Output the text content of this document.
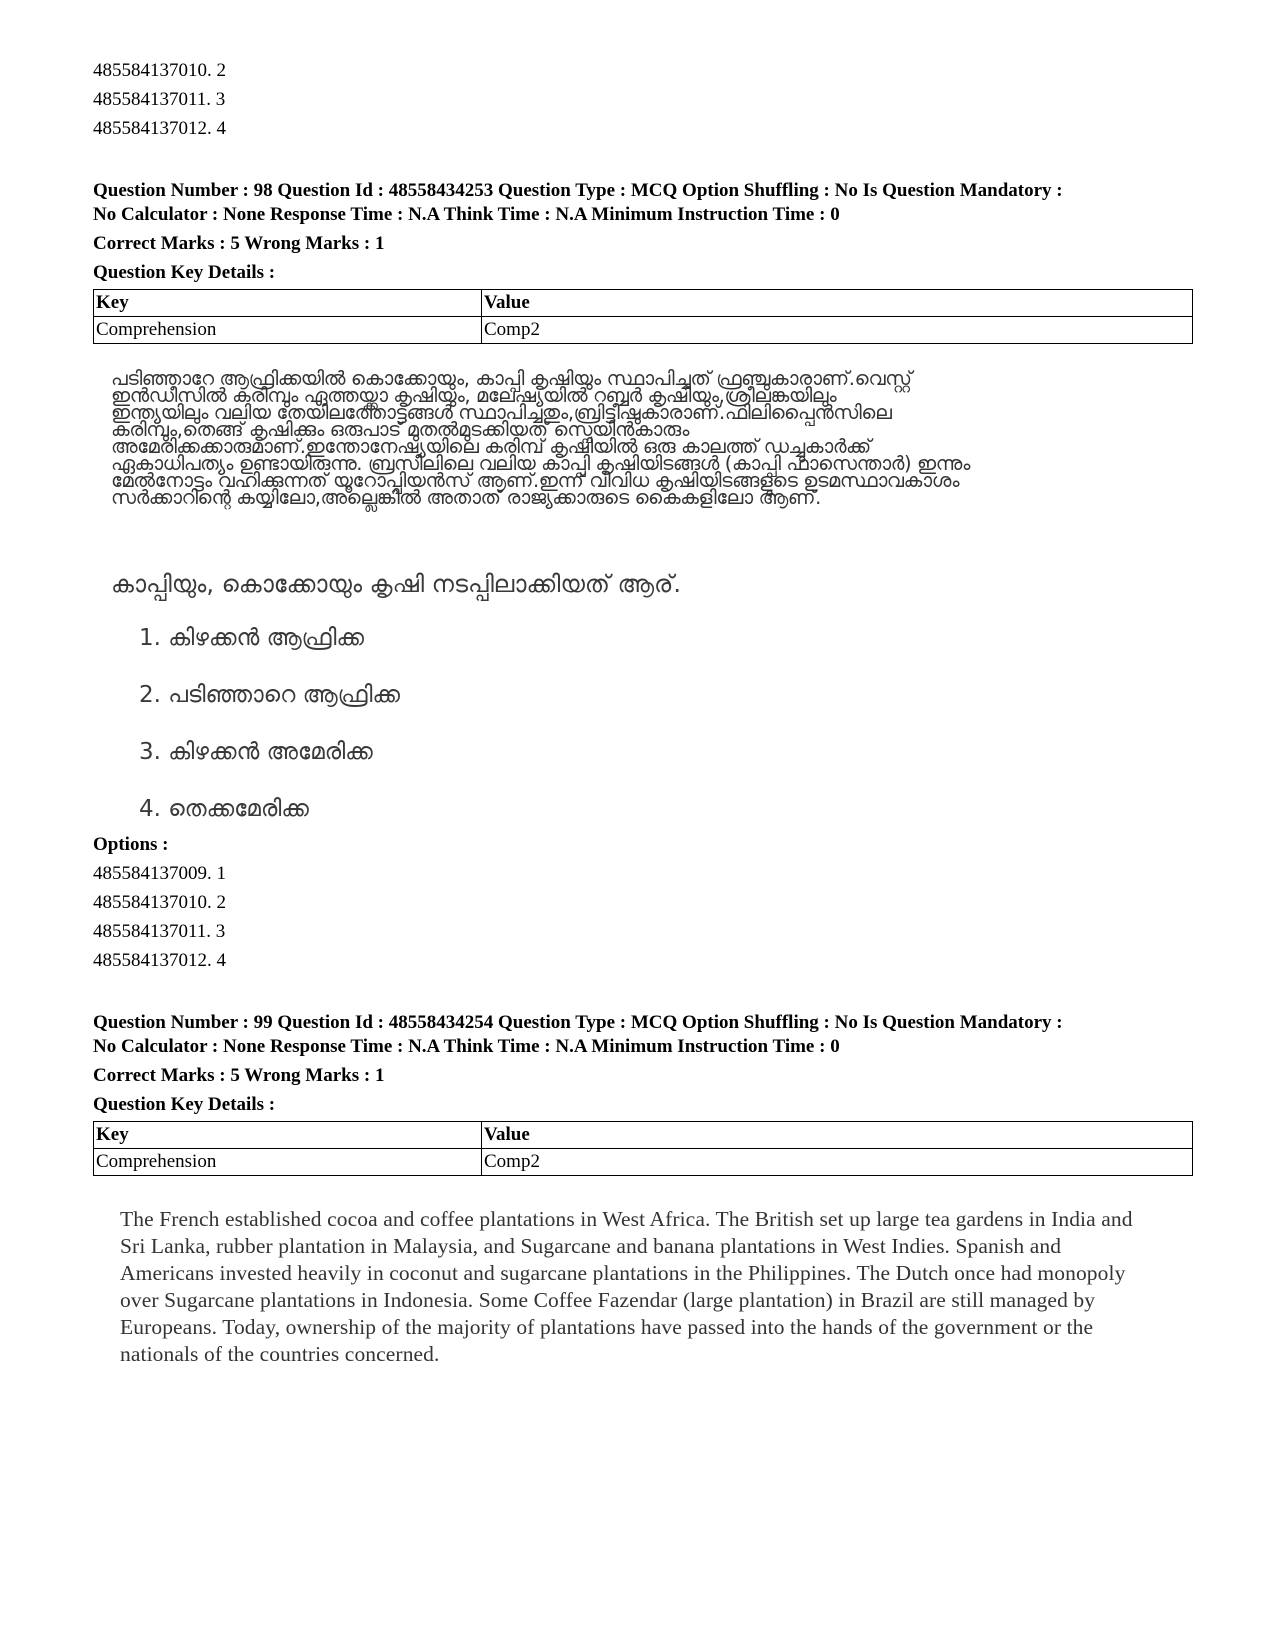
485584137010. 2

485584137011. 3

485584137012. 4

Question Number : 98 Question Id : 48558434253 Question Type : MCQ Option Shuffling : No Is Question Mandatory :

No Calculator : None Response Time : N.A Think Time : N.A Minimum Instruction Time : 0

Correct Marks : 5 Wrong Marks : 1

Question Key Details :

Key	Value
Comprehension	Comp2
പടിഞ്ഞാറേ ആഫ്രിക്കയിൽ കൊക്കോയും, കാപ്പി കൃഷിയും സ്ഥാപിച്ചത് ഫ്രഞ്ചുകാരാണ്.വെസ്റ്റ്
ഇൻഡീസിൽ കരിമ്പും ഏത്തയ്ക്കാ കൃഷിയും, മലേഷ്യയിൽ റബ്ബർ കൃഷിയും,ശ്രീലങ്കയിലും
ഇന്ത്യയിലും വലിയ തേയിലത്തോട്ടങ്ങൾ സ്ഥാപിച്ചതും,ബ്രിട്ടീഷുകാരാണ്.ഫിലിപ്പൈൻസിലെ
കരിമ്പും,തെങ്ങ് കൃഷിക്കും ഒരുപാട് മുതൽമുടക്കിയത് സ്പെയിൻകാരും
അമേരിക്കക്കാരുമാണ്.ഇന്തോനേഷ്യയിലെ കരിമ്പ് കൃഷിയിൽ ഒരു കാലത്ത് ഡച്ചുകാർക്ക്
ഏകാധിപത്യം ഉണ്ടായിരുന്നു. ബ്രസീലിലെ വലിയ കാപ്പി കൃഷിയിടങ്ങൾ (കാപ്പി ഫാസെന്താർ) ഇന്നും
മേൽനോട്ടം വഹിക്കുന്നത് യൂറോപ്പിയൻസ് ആണ്.ഇന്ന് വിവിധ കൃഷിയിടങ്ങളുടെ ഉടമസ്ഥാവകാശം
സർക്കാറിന്റെ കയ്യിലോ,അല്ലെങ്കിൽ അതാത് രാജ്യക്കാരുടെ കൈകളിലോ ആണ്.
കാപ്പിയും, കൊക്കോയും കൃഷി നടപ്പിലാക്കിയത് ആര്.
1. കിഴക്കൻ ആഫ്രിക്ക
2. പടിഞ്ഞാറെ ആഫ്രിക്ക
3. കിഴക്കൻ അമേരിക്ക
4. തെക്കമേരിക്ക

Options :

485584137009. 1

485584137010. 2

485584137011. 3

485584137012. 4

Question Number : 99 Question Id : 48558434254 Question Type : MCQ Option Shuffling : No Is Question Mandatory :

No Calculator : None Response Time : N.A Think Time : N.A Minimum Instruction Time : 0

Correct Marks : 5 Wrong Marks : 1

Question Key Details :

Key	Value
Comprehension	Comp2
The French established cocoa and coffee plantations in West Africa. The British set up large tea gardens in India and Sri Lanka, rubber plantation in Malaysia, and Sugarcane and banana plantations in West Indies. Spanish and Americans invested heavily in coconut and sugarcane plantations in the Philippines. The Dutch once had monopoly over Sugarcane plantations in Indonesia. Some Coffee Fazendar (large plantation) in Brazil are still managed by Europeans. Today, ownership of the majority of plantations have passed into the hands of the government or the nationals of the countries concerned.
